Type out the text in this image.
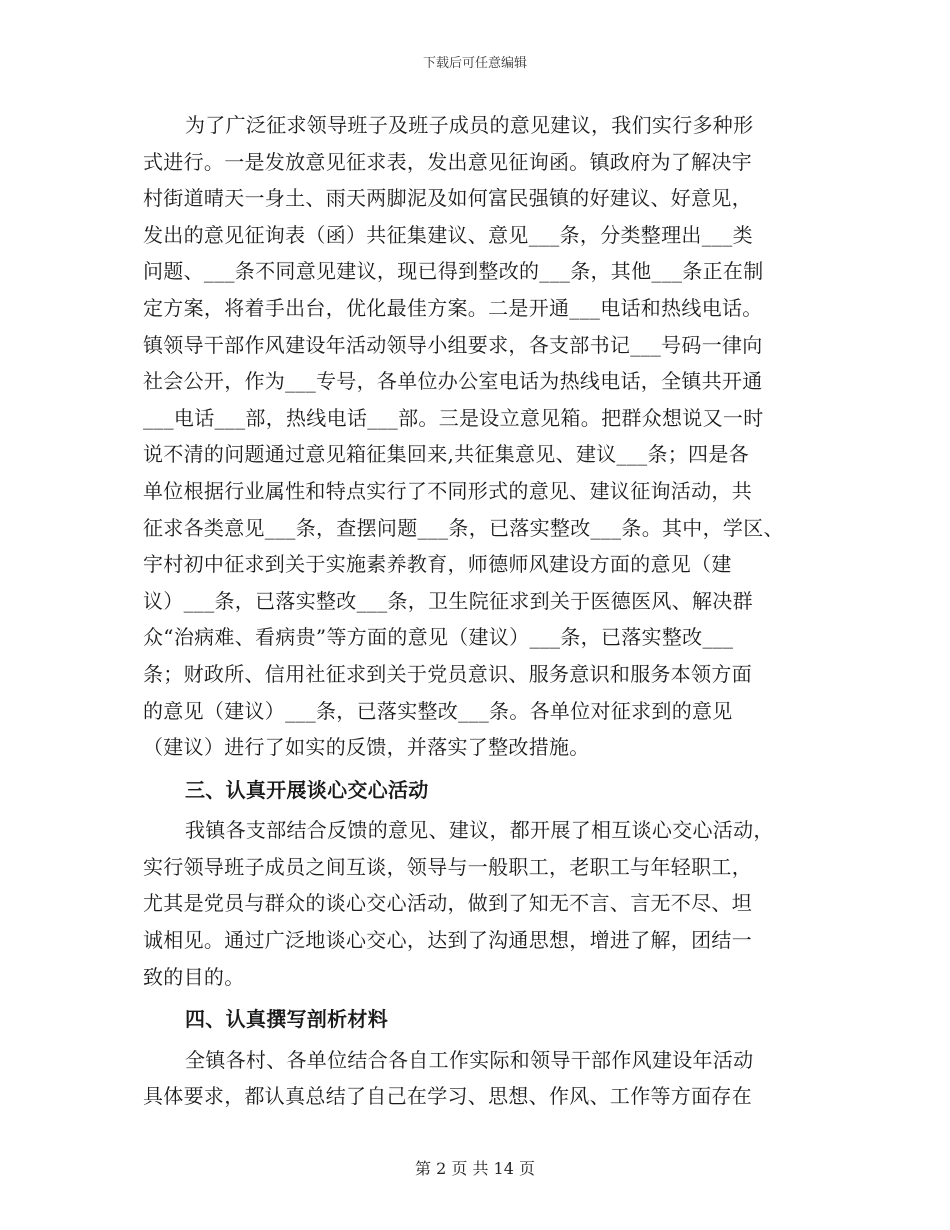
下载后可任意编辑
为了广泛征求领导班子及班子成员的意见建议，我们实行多种形
式进行。一是发放意见征求表，发出意见征询函。镇政府为了解决宇
村街道晴天一身土、雨天两脚泥及如何富民强镇的好建议、好意见，
发出的意见征询表（函）共征集建议、意见___条，分类整理出___类
问题、___条不同意见建议，现已得到整改的___条，其他___条正在制
定方案，将着手出台，优化最佳方案。二是开通___电话和热线电话。
镇领导干部作风建设年活动领导小组要求，各支部书记___号码一律向
社会公开，作为___专号，各单位办公室电话为热线电话，全镇共开通
___电话___部，热线电话___部。三是设立意见箱。把群众想说又一时
说不清的问题通过意见箱征集回来,共征集意见、建议___条；四是各
单位根据行业属性和特点实行了不同形式的意见、建议征询活动，共
征求各类意见___条，查摆问题___条，已落实整改___条。其中，学区、
宇村初中征求到关于实施素养教育，师德师风建设方面的意见（建
议）___条，已落实整改___条，卫生院征求到关于医德医风、解决群
众“治病难、看病贵”等方面的意见（建议）___条，已落实整改___
条；财政所、信用社征求到关于党员意识、服务意识和服务本领方面
的意见（建议）___条，已落实整改___条。各单位对征求到的意见
（建议）进行了如实的反馈，并落实了整改措施。
三、认真开展谈心交心活动
我镇各支部结合反馈的意见、建议，都开展了相互谈心交心活动，
实行领导班子成员之间互谈，领导与一般职工，老职工与年轻职工，
尤其是党员与群众的谈心交心活动，做到了知无不言、言无不尽、坦
诚相见。通过广泛地谈心交心，达到了沟通思想，增进了解，团结一
致的目的。
四、认真撰写剖析材料
全镇各村、各单位结合各自工作实际和领导干部作风建设年活动
具体要求，都认真总结了自己在学习、思想、作风、工作等方面存在
第 2 页 共 14 页
